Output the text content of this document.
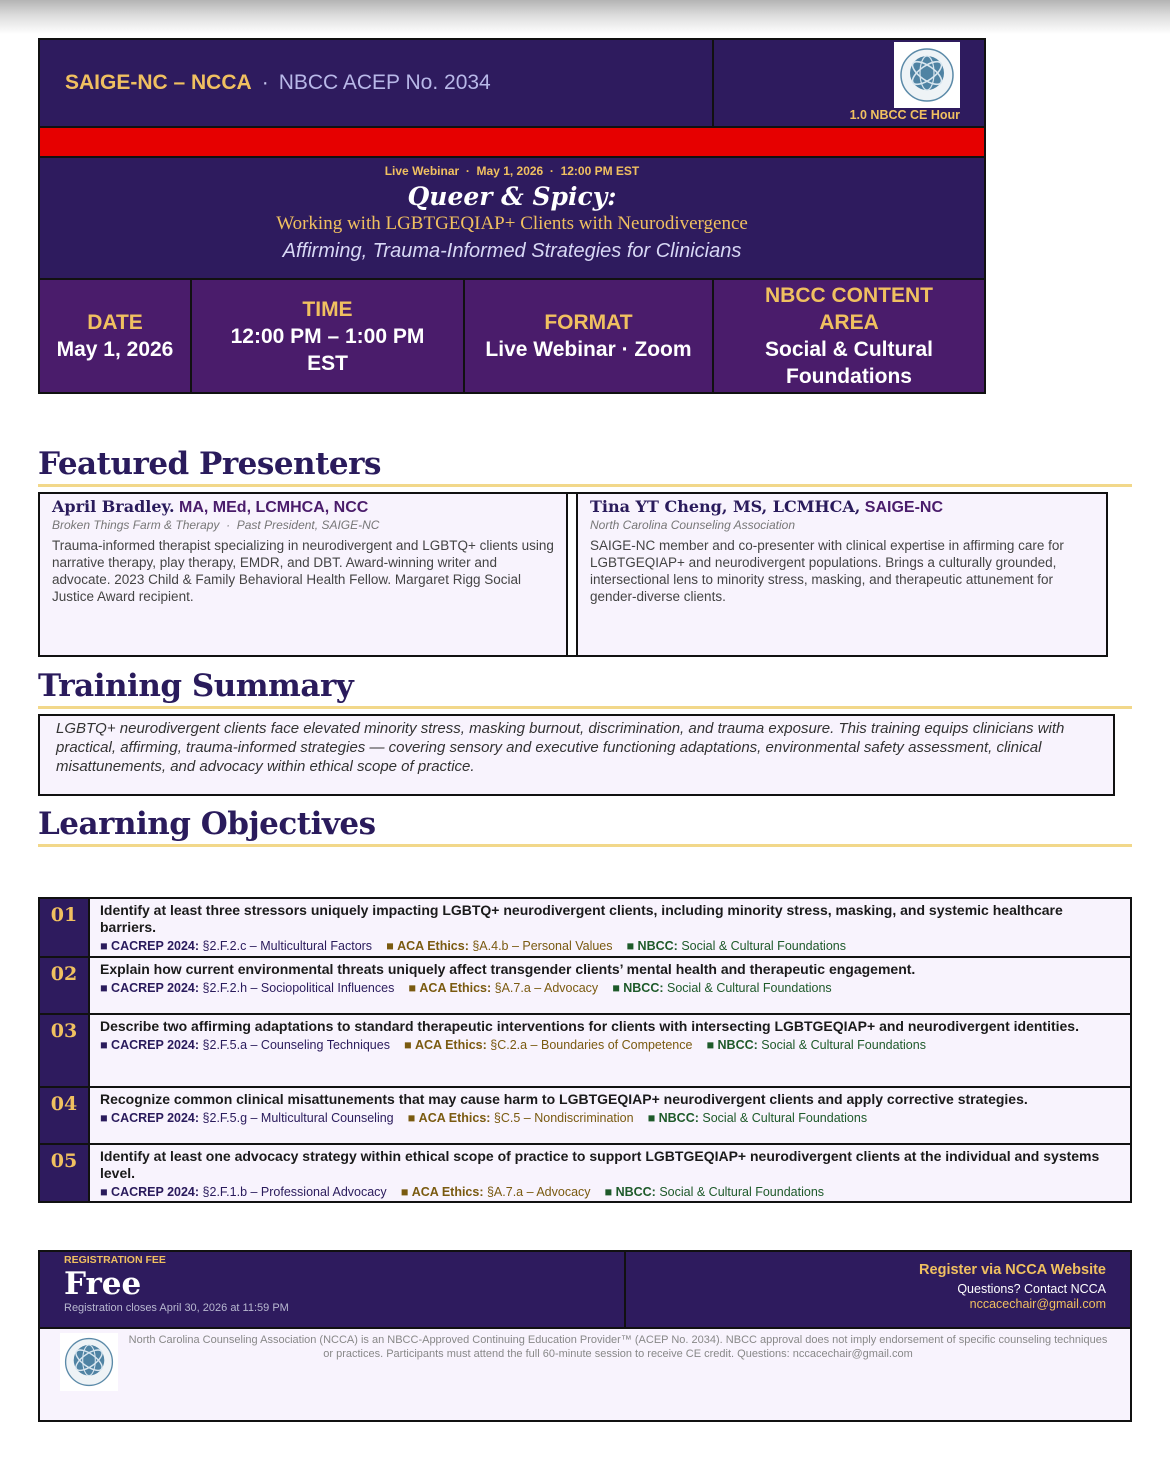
SAIGE-NC – NCCA · NBCC ACEP No. 2034
1.0 NBCC CE Hour
Live Webinar  ·  May 1, 2026  ·  12:00 PM EST
Queer & Spicy:
Working with LGBTGEQIAP+ Clients with Neurodivergence
Affirming, Trauma-Informed Strategies for Clinicians
DATE
May 1, 2026
TIME
12:00 PM – 1:00 PM EST
FORMAT
Live Webinar · Zoom
NBCC CONTENT AREA
Social & Cultural Foundations
Featured Presenters
April Bradley. MA, MEd, LCMHCA, NCC
Broken Things Farm & Therapy  ·  Past President, SAIGE-NC
Trauma-informed therapist specializing in neurodivergent and LGBTQ+ clients using narrative therapy, play therapy, EMDR, and DBT. Award-winning writer and advocate. 2023 Child & Family Behavioral Health Fellow. Margaret Rigg Social Justice Award recipient.
Tina YT Cheng, MS, LCMHCA, SAIGE-NC
North Carolina Counseling Association
SAIGE-NC member and co-presenter with clinical expertise in affirming care for LGBTGEQIAP+ and neurodivergent populations. Brings a culturally grounded, intersectional lens to minority stress, masking, and therapeutic attunement for gender-diverse clients.
Training Summary
LGBTQ+ neurodivergent clients face elevated minority stress, masking burnout, discrimination, and trauma exposure. This training equips clinicians with practical, affirming, trauma-informed strategies — covering sensory and executive functioning adaptations, environmental safety assessment, clinical misattunements, and advocacy within ethical scope of practice.
Learning Objectives
01	Identify at least three stressors uniquely impacting LGBTQ+ neurodivergent clients, including minority stress, masking, and systemic healthcare barriers.
■ CACREP 2024: §2.F.2.c – Multicultural Factors ■ ACA Ethics: §A.4.b – Personal Values ■ NBCC: Social & Cultural Foundations
02	Explain how current environmental threats uniquely affect transgender clients’ mental health and therapeutic engagement.
■ CACREP 2024: §2.F.2.h – Sociopolitical Influences ■ ACA Ethics: §A.7.a – Advocacy ■ NBCC: Social & Cultural Foundations
03	Describe two affirming adaptations to standard therapeutic interventions for clients with intersecting LGBTGEQIAP+ and neurodivergent identities.
■ CACREP 2024: §2.F.5.a – Counseling Techniques ■ ACA Ethics: §C.2.a – Boundaries of Competence ■ NBCC: Social & Cultural Foundations
04	Recognize common clinical misattunements that may cause harm to LGBTGEQIAP+ neurodivergent clients and apply corrective strategies.
■ CACREP 2024: §2.F.5.g – Multicultural Counseling ■ ACA Ethics: §C.5 – Nondiscrimination ■ NBCC: Social & Cultural Foundations
05	Identify at least one advocacy strategy within ethical scope of practice to support LGBTGEQIAP+ neurodivergent clients at the individual and systems level.
■ CACREP 2024: §2.F.1.b – Professional Advocacy ■ ACA Ethics: §A.7.a – Advocacy ■ NBCC: Social & Cultural Foundations
REGISTRATION FEE
Free
Registration closes April 30, 2026 at 11:59 PM
Register via NCCA Website
Questions? Contact NCCA
nccacechair@gmail.com
North Carolina Counseling Association (NCCA) is an NBCC-Approved Continuing Education Provider™ (ACEP No. 2034). NBCC approval does not imply endorsement of specific counseling techniques or practices. Participants must attend the full 60-minute session to receive CE credit. Questions: nccacechair@gmail.com
